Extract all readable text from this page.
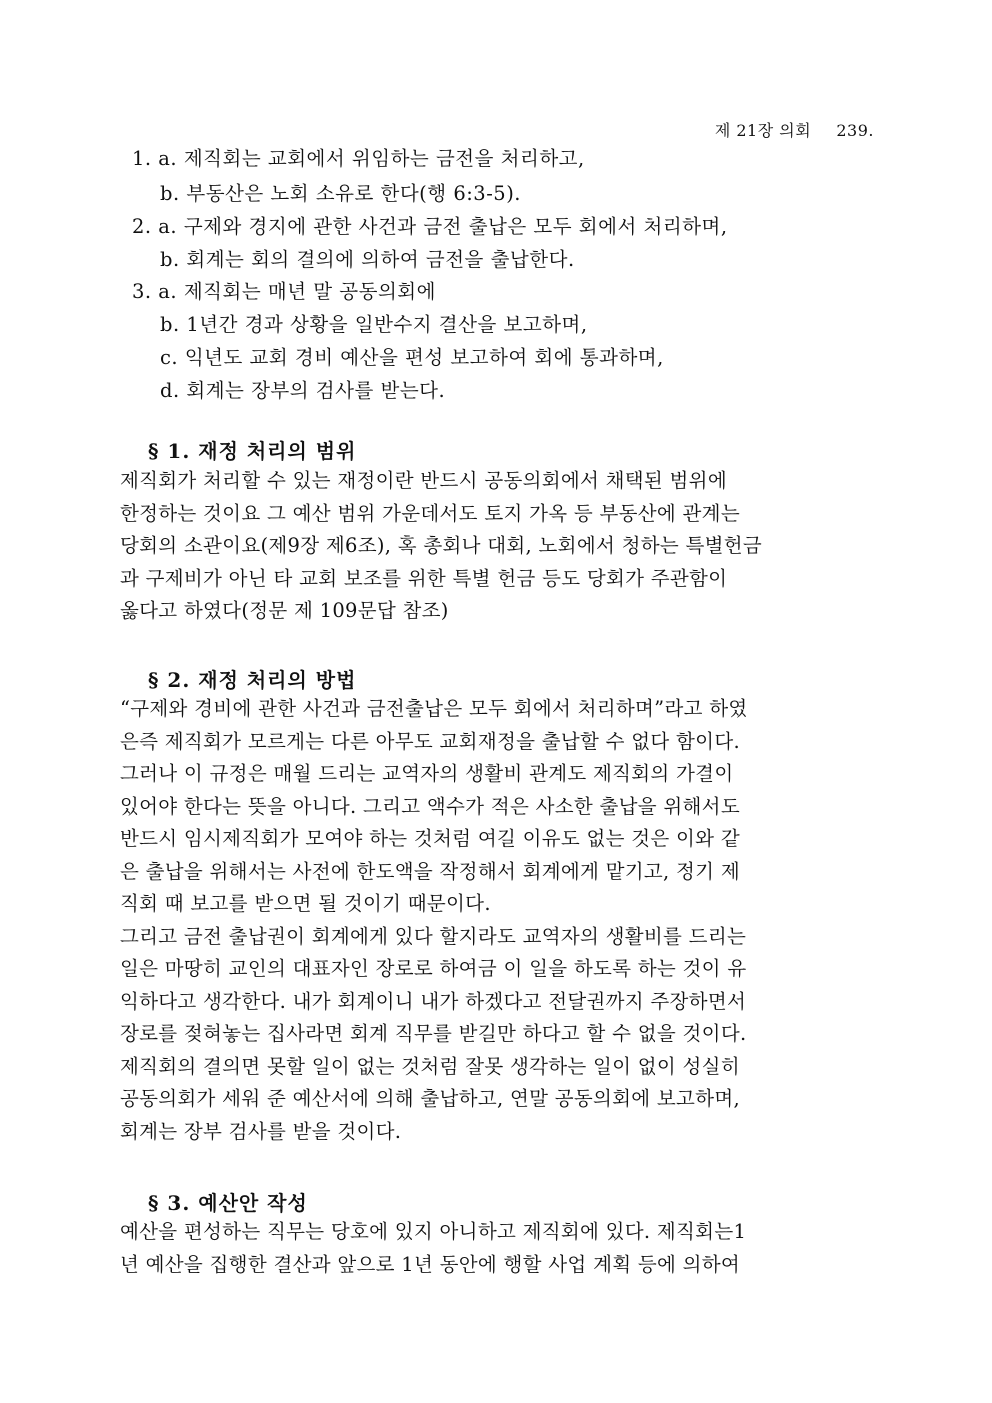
제 21장 의회 239.
1. a. 제직회는 교회에서 위임하는 금전을 처리하고,
b. 부동산은 노회 소유로 한다(행 6:3-5).
2. a. 구제와 경지에 관한 사건과 금전 출납은 모두 회에서 처리하며,
b. 회계는 회의 결의에 의하여 금전을 출납한다.
3. a. 제직회는 매년 말 공동의회에
b. 1년간 경과 상황을 일반수지 결산을 보고하며,
c. 익년도 교회 경비 예산을 편성 보고하여 회에 통과하며,
d. 회계는 장부의 검사를 받는다.
§ 1. 재정 처리의 범위
제직회가 처리할 수 있는 재정이란 반드시 공동의회에서 채택된 범위에
한정하는 것이요 그 예산 범위 가운데서도 토지 가옥 등 부동산에 관계는
당회의 소관이요(제9장 제6조), 혹 총회나 대회, 노회에서 청하는 특별헌금
과 구제비가 아닌 타 교회 보조를 위한 특별 헌금 등도 당회가 주관함이
옳다고 하였다(정문 제 109문답 참조)
§ 2. 재정 처리의 방법
“구제와 경비에 관한 사건과 금전출납은 모두 회에서 처리하며”라고 하였
은즉 제직회가 모르게는 다른 아무도 교회재정을 출납할 수 없다 함이다.
그러나 이 규정은 매월 드리는 교역자의 생활비 관계도 제직회의 가결이
있어야 한다는 뜻을 아니다. 그리고 액수가 적은 사소한 출납을 위해서도
반드시 임시제직회가 모여야 하는 것처럼 여길 이유도 없는 것은 이와 같
은 출납을 위해서는 사전에 한도액을 작정해서 회계에게 맡기고, 정기 제
직회 때 보고를 받으면 될 것이기 때문이다.
그리고 금전 출납권이 회계에게 있다 할지라도 교역자의 생활비를 드리는
일은 마땅히 교인의 대표자인 장로로 하여금 이 일을 하도록 하는 것이 유
익하다고 생각한다. 내가 회계이니 내가 하겠다고 전달권까지 주장하면서
장로를 젖혀놓는 집사라면 회계 직무를 받길만 하다고 할 수 없을 것이다.
제직회의 결의면 못할 일이 없는 것처럼 잘못 생각하는 일이 없이 성실히
공동의회가 세워 준 예산서에 의해 출납하고, 연말 공동의회에 보고하며,
회계는 장부 검사를 받을 것이다.
§ 3. 예산안 작성
예산을 편성하는 직무는 당호에 있지 아니하고 제직회에 있다. 제직회는1
년 예산을 집행한 결산과 앞으로 1년 동안에 행할 사업 계획 등에 의하여
